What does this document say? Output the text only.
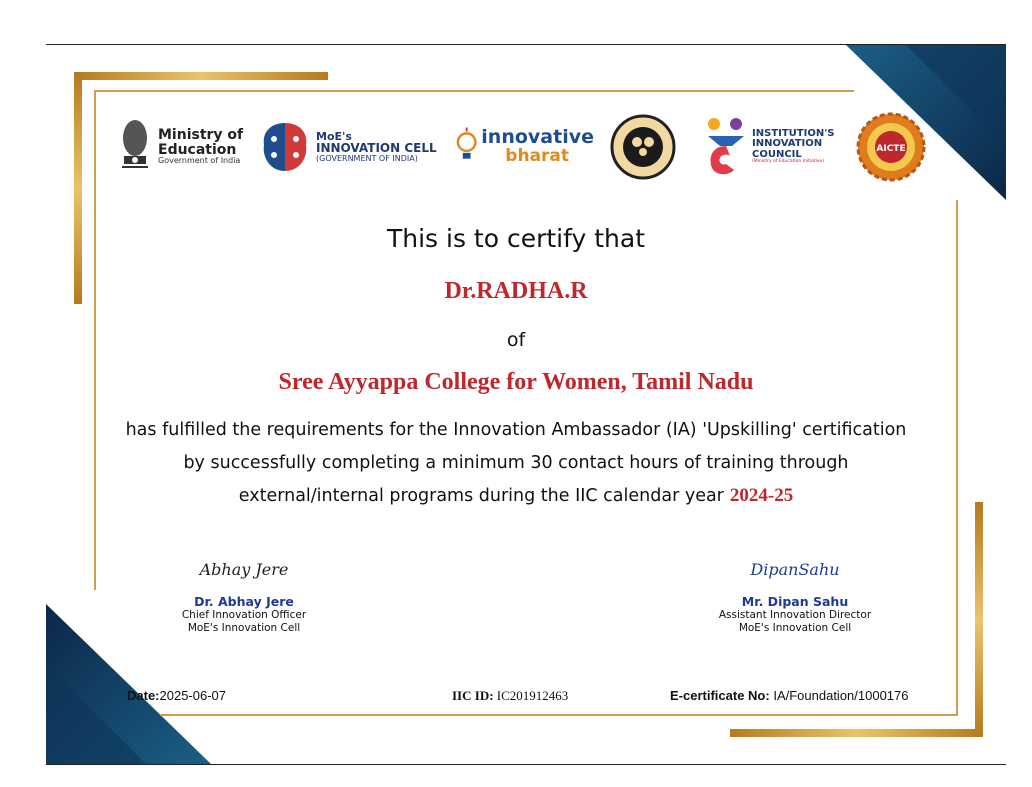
Ministry of
Education
Government of India
MoE's
INNOVATION CELL
(GOVERNMENT OF INDIA)
innovative
bharat
INSTITUTION'S
INNOVATION
COUNCIL
(Ministry of Education Initiative)
AICTE
This is to certify that
Dr.RADHA.R
of
Sree Ayyappa College for Women, Tamil Nadu
has fulfilled the requirements for the Innovation Ambassador (IA) 'Upskilling' certification
by successfully completing a minimum 30 contact hours of training through
external/internal programs during the IIC calendar year 2024-25
Abhay Jere
Dr. Abhay Jere
Chief Innovation Officer
MoE's Innovation Cell
DipanSahu
Mr. Dipan Sahu
Assistant Innovation Director
MoE's Innovation Cell
Date:2025-06-07	IIC ID: IC201912463	E-certificate No: IA/Foundation/1000176
